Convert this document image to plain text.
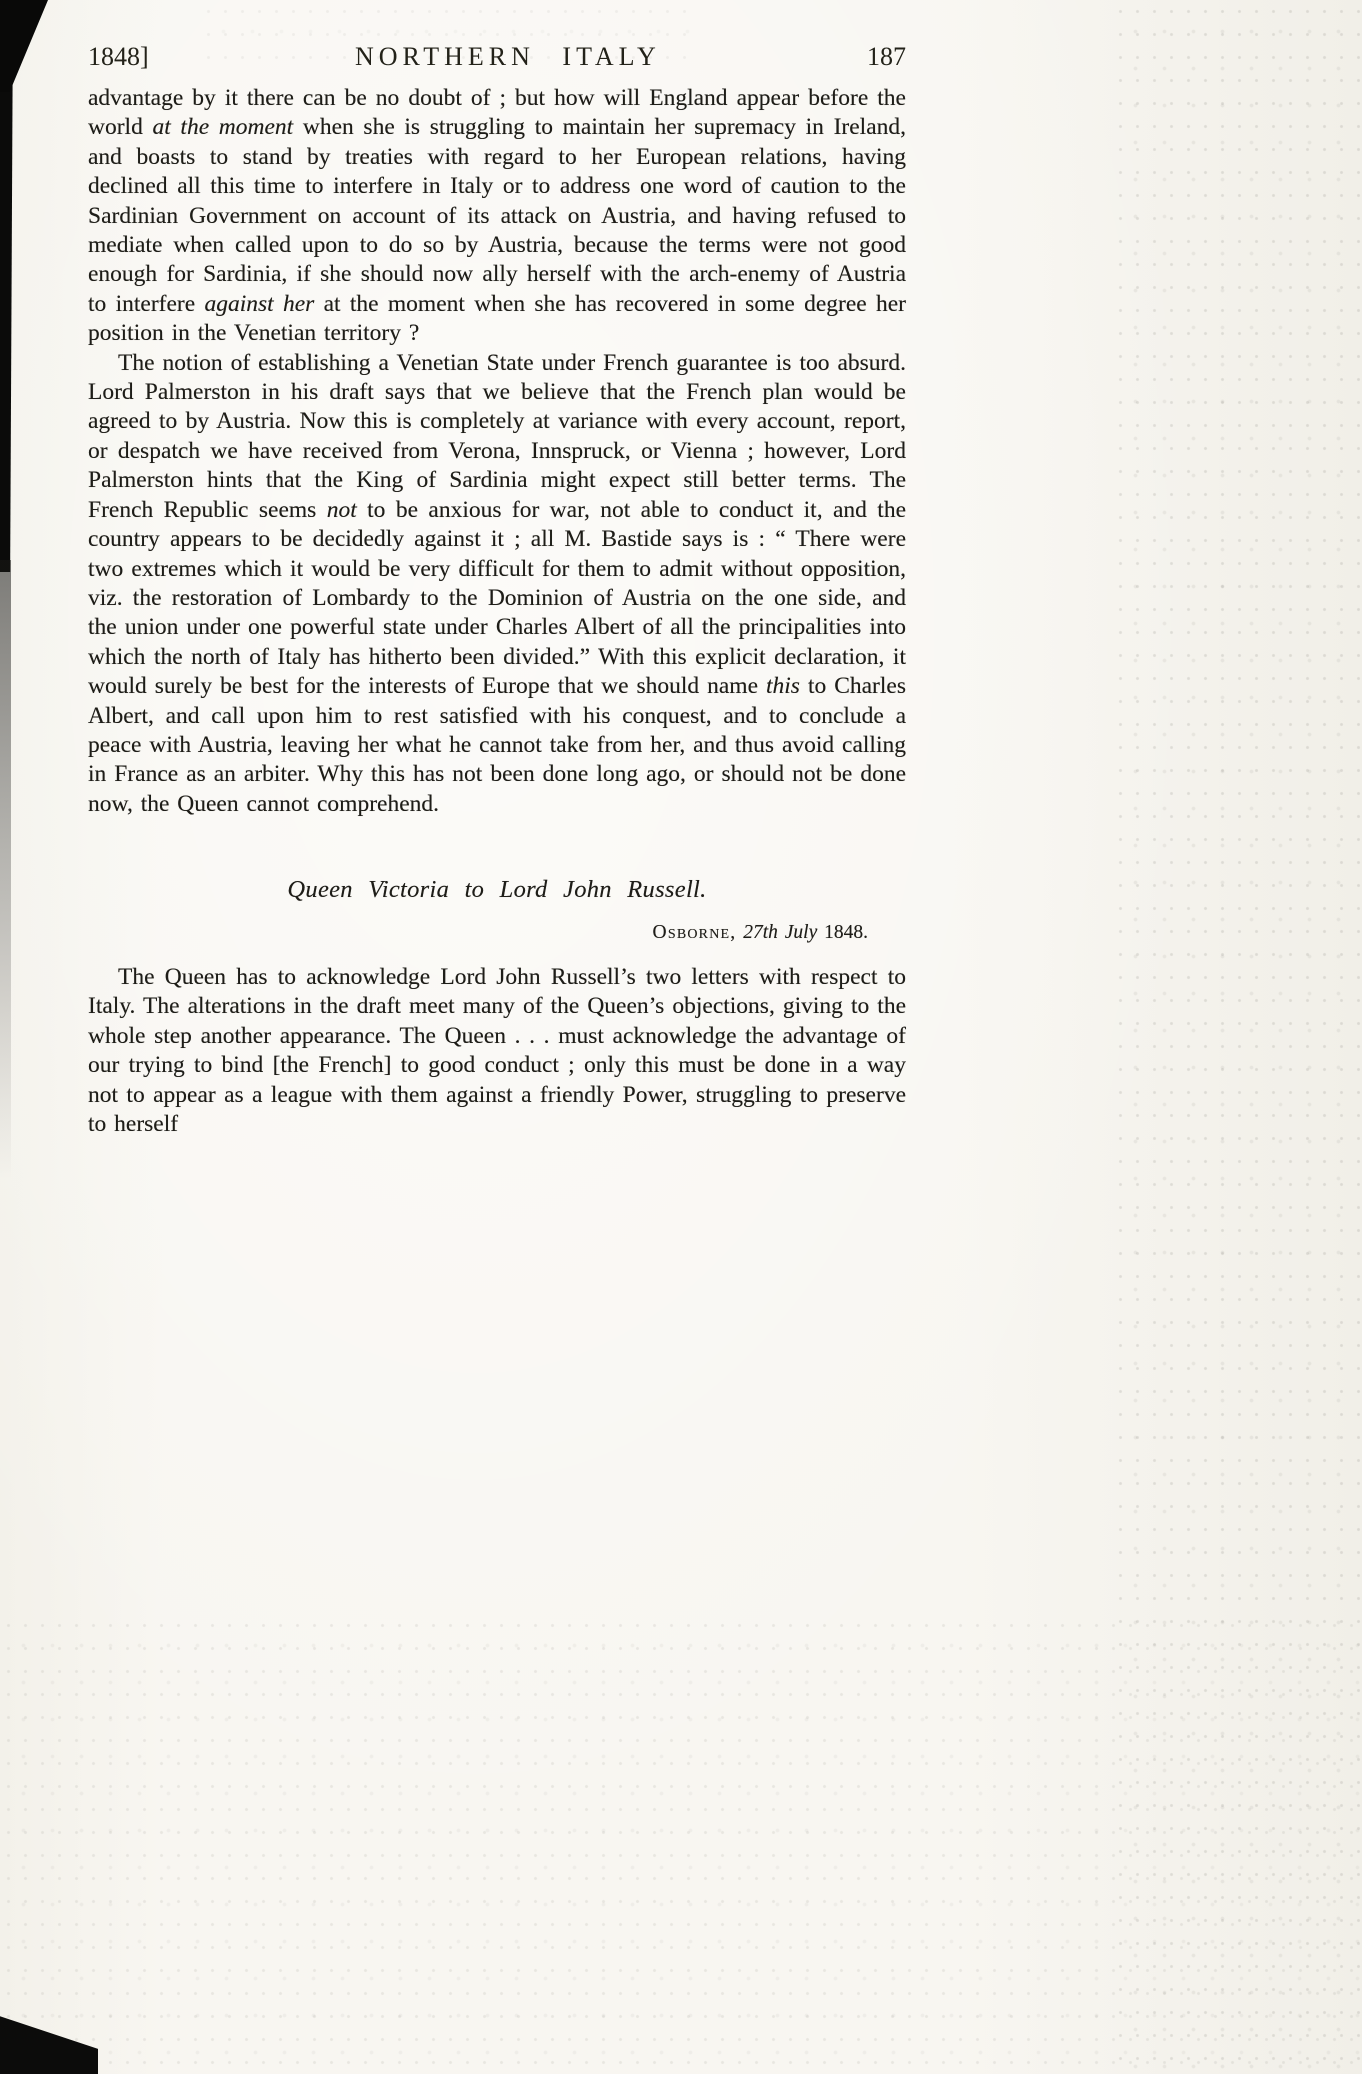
1848]	NORTHERN ITALY	187

advantage by it there can be no doubt of ; but how will England appear before the world at the moment when she is struggling to maintain her supremacy in Ireland, and boasts to stand by treaties with regard to her European relations, having declined all this time to interfere in Italy or to address one word of caution to the Sardinian Government on account of its attack on Austria, and having refused to mediate when called upon to do so by Austria, because the terms were not good enough for Sardinia, if she should now ally herself with the arch-enemy of Austria to interfere against her at the moment when she has recovered in some degree her position in the Venetian territory ?

The notion of establishing a Venetian State under French guarantee is too absurd. Lord Palmerston in his draft says that we believe that the French plan would be agreed to by Austria. Now this is completely at variance with every account, report, or despatch we have received from Verona, Innspruck, or Vienna ; however, Lord Palmerston hints that the King of Sardinia might expect still better terms. The French Republic seems not to be anxious for war, not able to conduct it, and the country appears to be decidedly against it ; all M. Bastide says is : “ There were two extremes which it would be very difficult for them to admit without opposition, viz. the restoration of Lombardy to the Dominion of Austria on the one side, and the union under one powerful state under Charles Albert of all the principalities into which the north of Italy has hitherto been divided.” With this explicit declaration, it would surely be best for the interests of Europe that we should name this to Charles Albert, and call upon him to rest satisfied with his conquest, and to conclude a peace with Austria, leaving her what he cannot take from her, and thus avoid calling in France as an arbiter. Why this has not been done long ago, or should not be done now, the Queen cannot comprehend.

Queen Victoria to Lord John Russell.
Osborne, 27th July 1848.

The Queen has to acknowledge Lord John Russell’s two letters with respect to Italy. The alterations in the draft meet many of the Queen’s objections, giving to the whole step another appearance. The Queen . . . must acknowledge the advantage of our trying to bind [the French] to good conduct ; only this must be done in a way not to appear as a league with them against a friendly Power, struggling to preserve to herself
